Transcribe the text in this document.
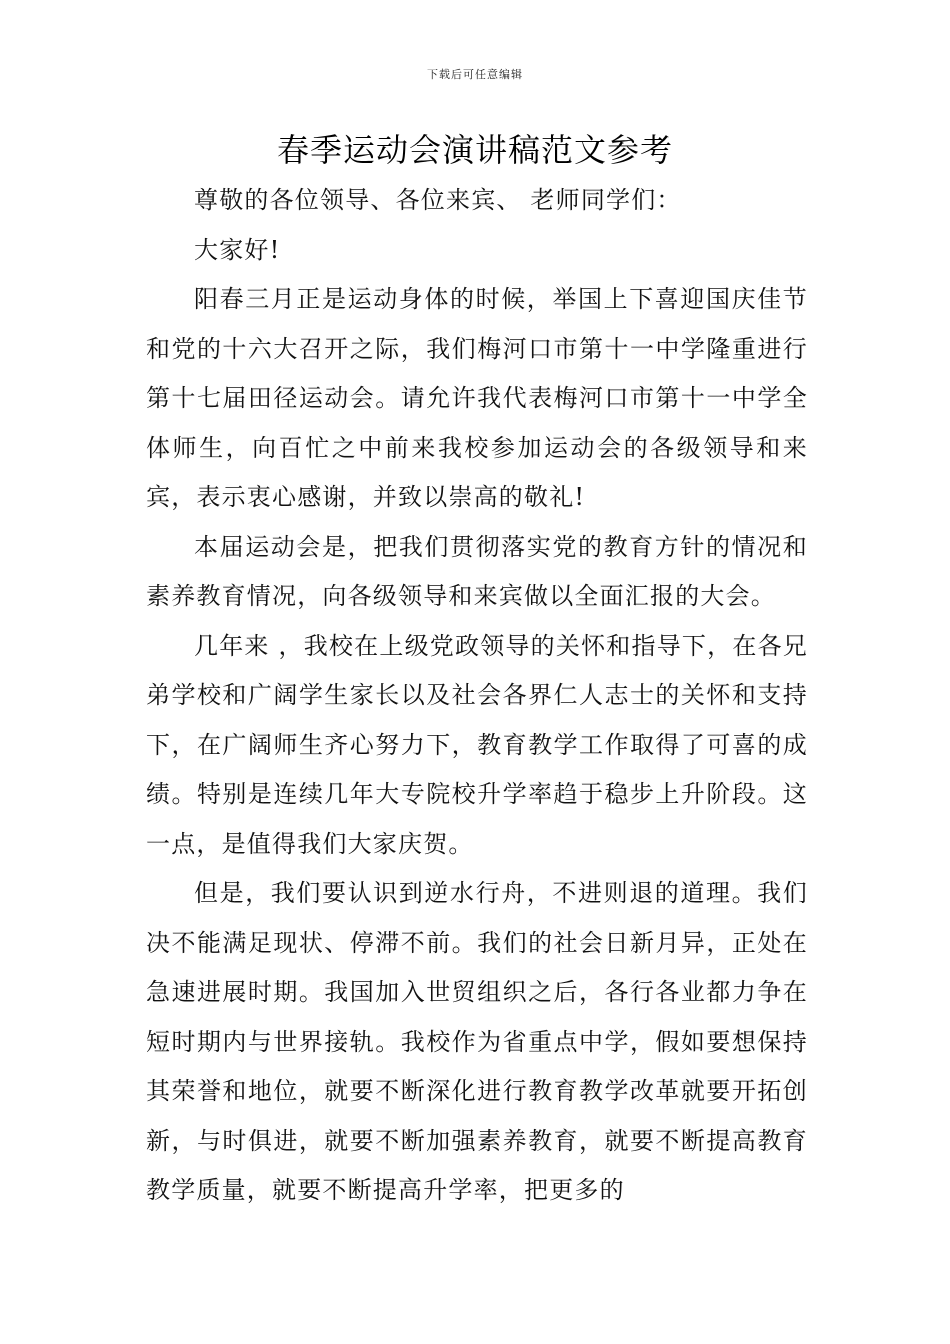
下载后可任意编辑
春季运动会演讲稿范文参考

尊敬的各位领导、各位来宾、 老师同学们：

大家好!

阳春三月正是运动身体的时候，举国上下喜迎国庆佳节和党的十六大召开之际，我们梅河口市第十一中学隆重进行第十七届田径运动会。请允许我代表梅河口市第十一中学全体师生，向百忙之中前来我校参加运动会的各级领导和来宾，表示衷心感谢，并致以崇高的敬礼!

本届运动会是，把我们贯彻落实党的教育方针的情况和素养教育情况，向各级领导和来宾做以全面汇报的大会。

几年来 ，我校在上级党政领导的关怀和指导下，在各兄弟学校和广阔学生家长以及社会各界仁人志士的关怀和支持下，在广阔师生齐心努力下，教育教学工作取得了可喜的成绩。特别是连续几年大专院校升学率趋于稳步上升阶段。这一点，是值得我们大家庆贺。

但是，我们要认识到逆水行舟，不进则退的道理。我们决不能满足现状、停滞不前。我们的社会日新月异，正处在急速进展时期。我国加入世贸组织之后，各行各业都力争在短时期内与世界接轨。我校作为省重点中学，假如要想保持其荣誉和地位，就要不断深化进行教育教学改革就要开拓创新，与时俱进，就要不断加强素养教育，就要不断提高教育教学质量，就要不断提高升学率，把更多的
